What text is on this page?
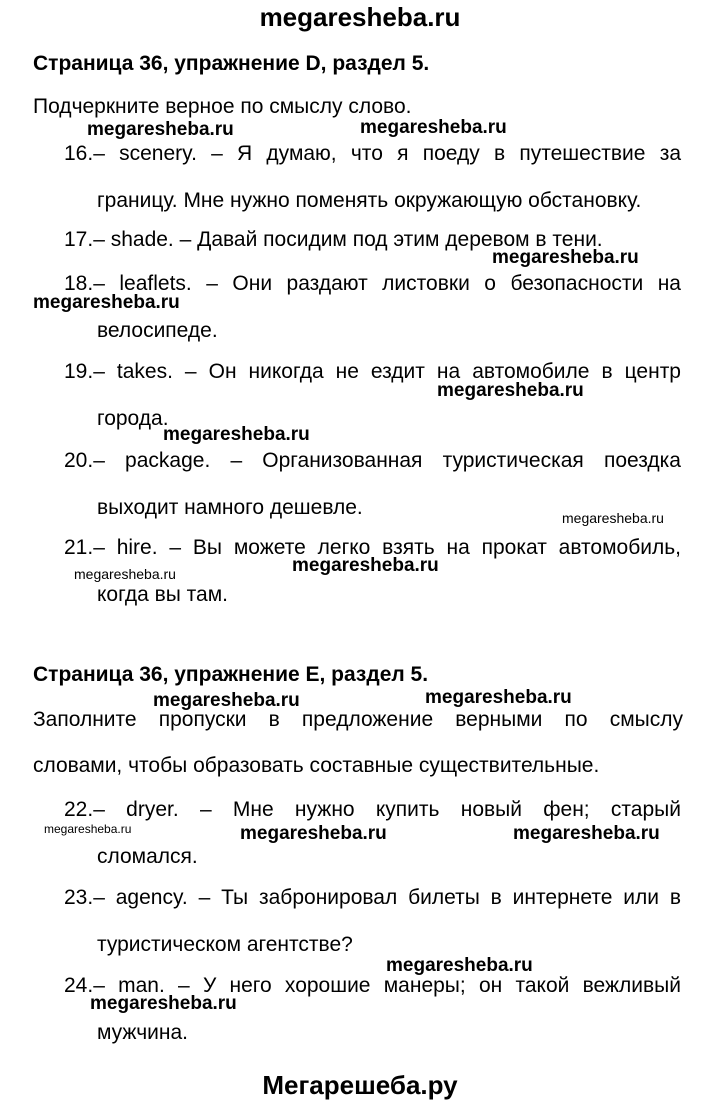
megaresheba.ru
Страница 36, упражнение D, раздел 5.
Подчеркните верное по смыслу слово.
16.– scenery. – Я думаю, что я поеду в путешествие за
границу. Мне нужно поменять окружающую обстановку.
17.– shade. – Давай посидим под этим деревом в тени.
18.– leaflets. – Они раздают листовки о безопасности на
велосипеде.
19.– takes. – Он никогда не ездит на автомобиле в центр
города.
20.– package. – Организованная туристическая поездка
выходит намного дешевле.
21.– hire. – Вы можете легко взять на прокат автомобиль,
когда вы там.
Страница 36, упражнение E, раздел 5.
Заполните пропуски в предложение верными по смыслу
словами, чтобы образовать составные существительные.
22.– dryer. – Мне нужно купить новый фен; старый
сломался.
23.– agency. – Ты забронировал билеты в интернете или в
туристическом агентстве?
24.– man. – У него хорошие манеры; он такой вежливый
мужчина.
megaresheba.ru	megaresheba.ru
megaresheba.ru
megaresheba.ru
megaresheba.ru
megaresheba.ru
megaresheba.ru
megaresheba.ru	megaresheba.ru
megaresheba.ru	megaresheba.ru
megaresheba.ru	megaresheba.ru	megaresheba.ru
megaresheba.ru
megaresheba.ru
Мегарешеба.ру
